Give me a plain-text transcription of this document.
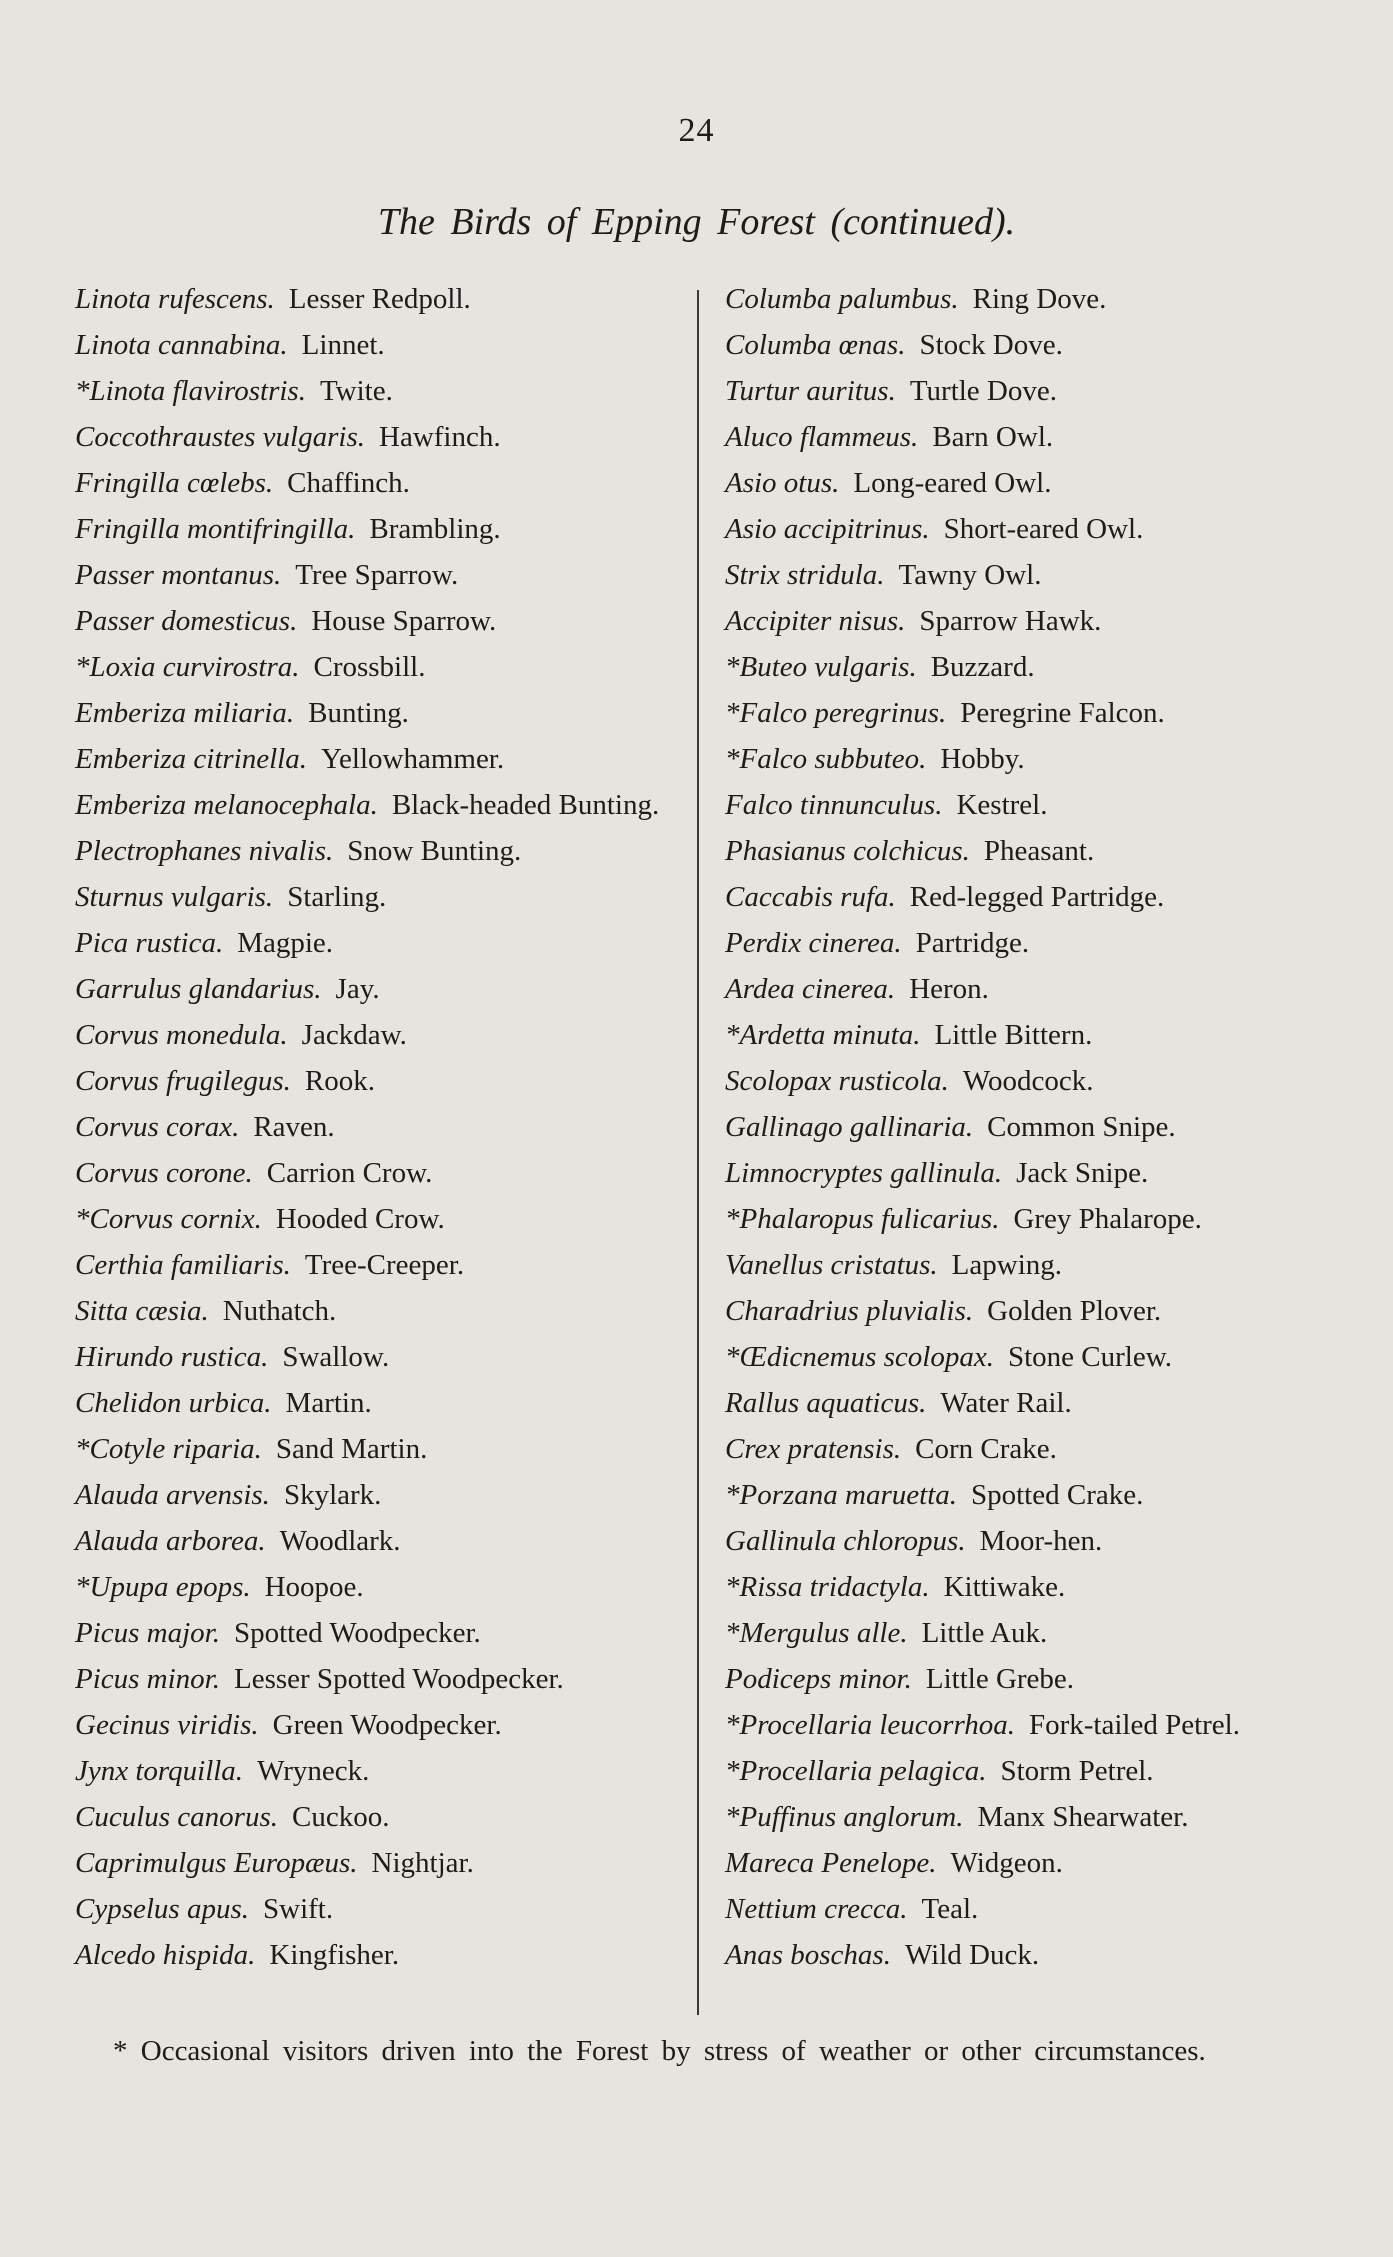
24
The Birds of Epping Forest (continued).
Linota rufescens. Lesser Redpoll.
Linota cannabina. Linnet.
*Linota flavirostris. Twite.
Coccothraustes vulgaris. Hawfinch.
Fringilla cœlebs. Chaffinch.
Fringilla montifringilla. Brambling.
Passer montanus. Tree Sparrow.
Passer domesticus. House Sparrow.
*Loxia curvirostra. Crossbill.
Emberiza miliaria. Bunting.
Emberiza citrinella. Yellowhammer.
Emberiza melanocephala. Black-headed Bunting.
Plectrophanes nivalis. Snow Bunting.
Sturnus vulgaris. Starling.
Pica rustica. Magpie.
Garrulus glandarius. Jay.
Corvus monedula. Jackdaw.
Corvus frugilegus. Rook.
Corvus corax. Raven.
Corvus corone. Carrion Crow.
*Corvus cornix. Hooded Crow.
Certhia familiaris. Tree-Creeper.
Sitta cæsia. Nuthatch.
Hirundo rustica. Swallow.
Chelidon urbica. Martin.
*Cotyle riparia. Sand Martin.
Alauda arvensis. Skylark.
Alauda arborea. Woodlark.
*Upupa epops. Hoopoe.
Picus major. Spotted Woodpecker.
Picus minor. Lesser Spotted Woodpecker.
Gecinus viridis. Green Woodpecker.
Jynx torquilla. Wryneck.
Cuculus canorus. Cuckoo.
Caprimulgus Europæus. Nightjar.
Cypselus apus. Swift.
Alcedo hispida. Kingfisher.
Columba palumbus. Ring Dove.
Columba œnas. Stock Dove.
Turtur auritus. Turtle Dove.
Aluco flammeus. Barn Owl.
Asio otus. Long-eared Owl.
Asio accipitrinus. Short-eared Owl.
Strix stridula. Tawny Owl.
Accipiter nisus. Sparrow Hawk.
*Buteo vulgaris. Buzzard.
*Falco peregrinus. Peregrine Falcon.
*Falco subbuteo. Hobby.
Falco tinnunculus. Kestrel.
Phasianus colchicus. Pheasant.
Caccabis rufa. Red-legged Partridge.
Perdix cinerea. Partridge.
Ardea cinerea. Heron.
*Ardetta minuta. Little Bittern.
Scolopax rusticola. Woodcock.
Gallinago gallinaria. Common Snipe.
Limnocryptes gallinula. Jack Snipe.
*Phalaropus fulicarius. Grey Phalarope.
Vanellus cristatus. Lapwing.
Charadrius pluvialis. Golden Plover.
*Œdicnemus scolopax. Stone Curlew.
Rallus aquaticus. Water Rail.
Crex pratensis. Corn Crake.
*Porzana maruetta. Spotted Crake.
Gallinula chloropus. Moor-hen.
*Rissa tridactyla. Kittiwake.
*Mergulus alle. Little Auk.
Podiceps minor. Little Grebe.
*Procellaria leucorrhoa. Fork-tailed Petrel.
*Procellaria pelagica. Storm Petrel.
*Puffinus anglorum. Manx Shearwater.
Mareca Penelope. Widgeon.
Nettium crecca. Teal.
Anas boschas. Wild Duck.
* Occasional visitors driven into the Forest by stress of weather or other circumstances.
